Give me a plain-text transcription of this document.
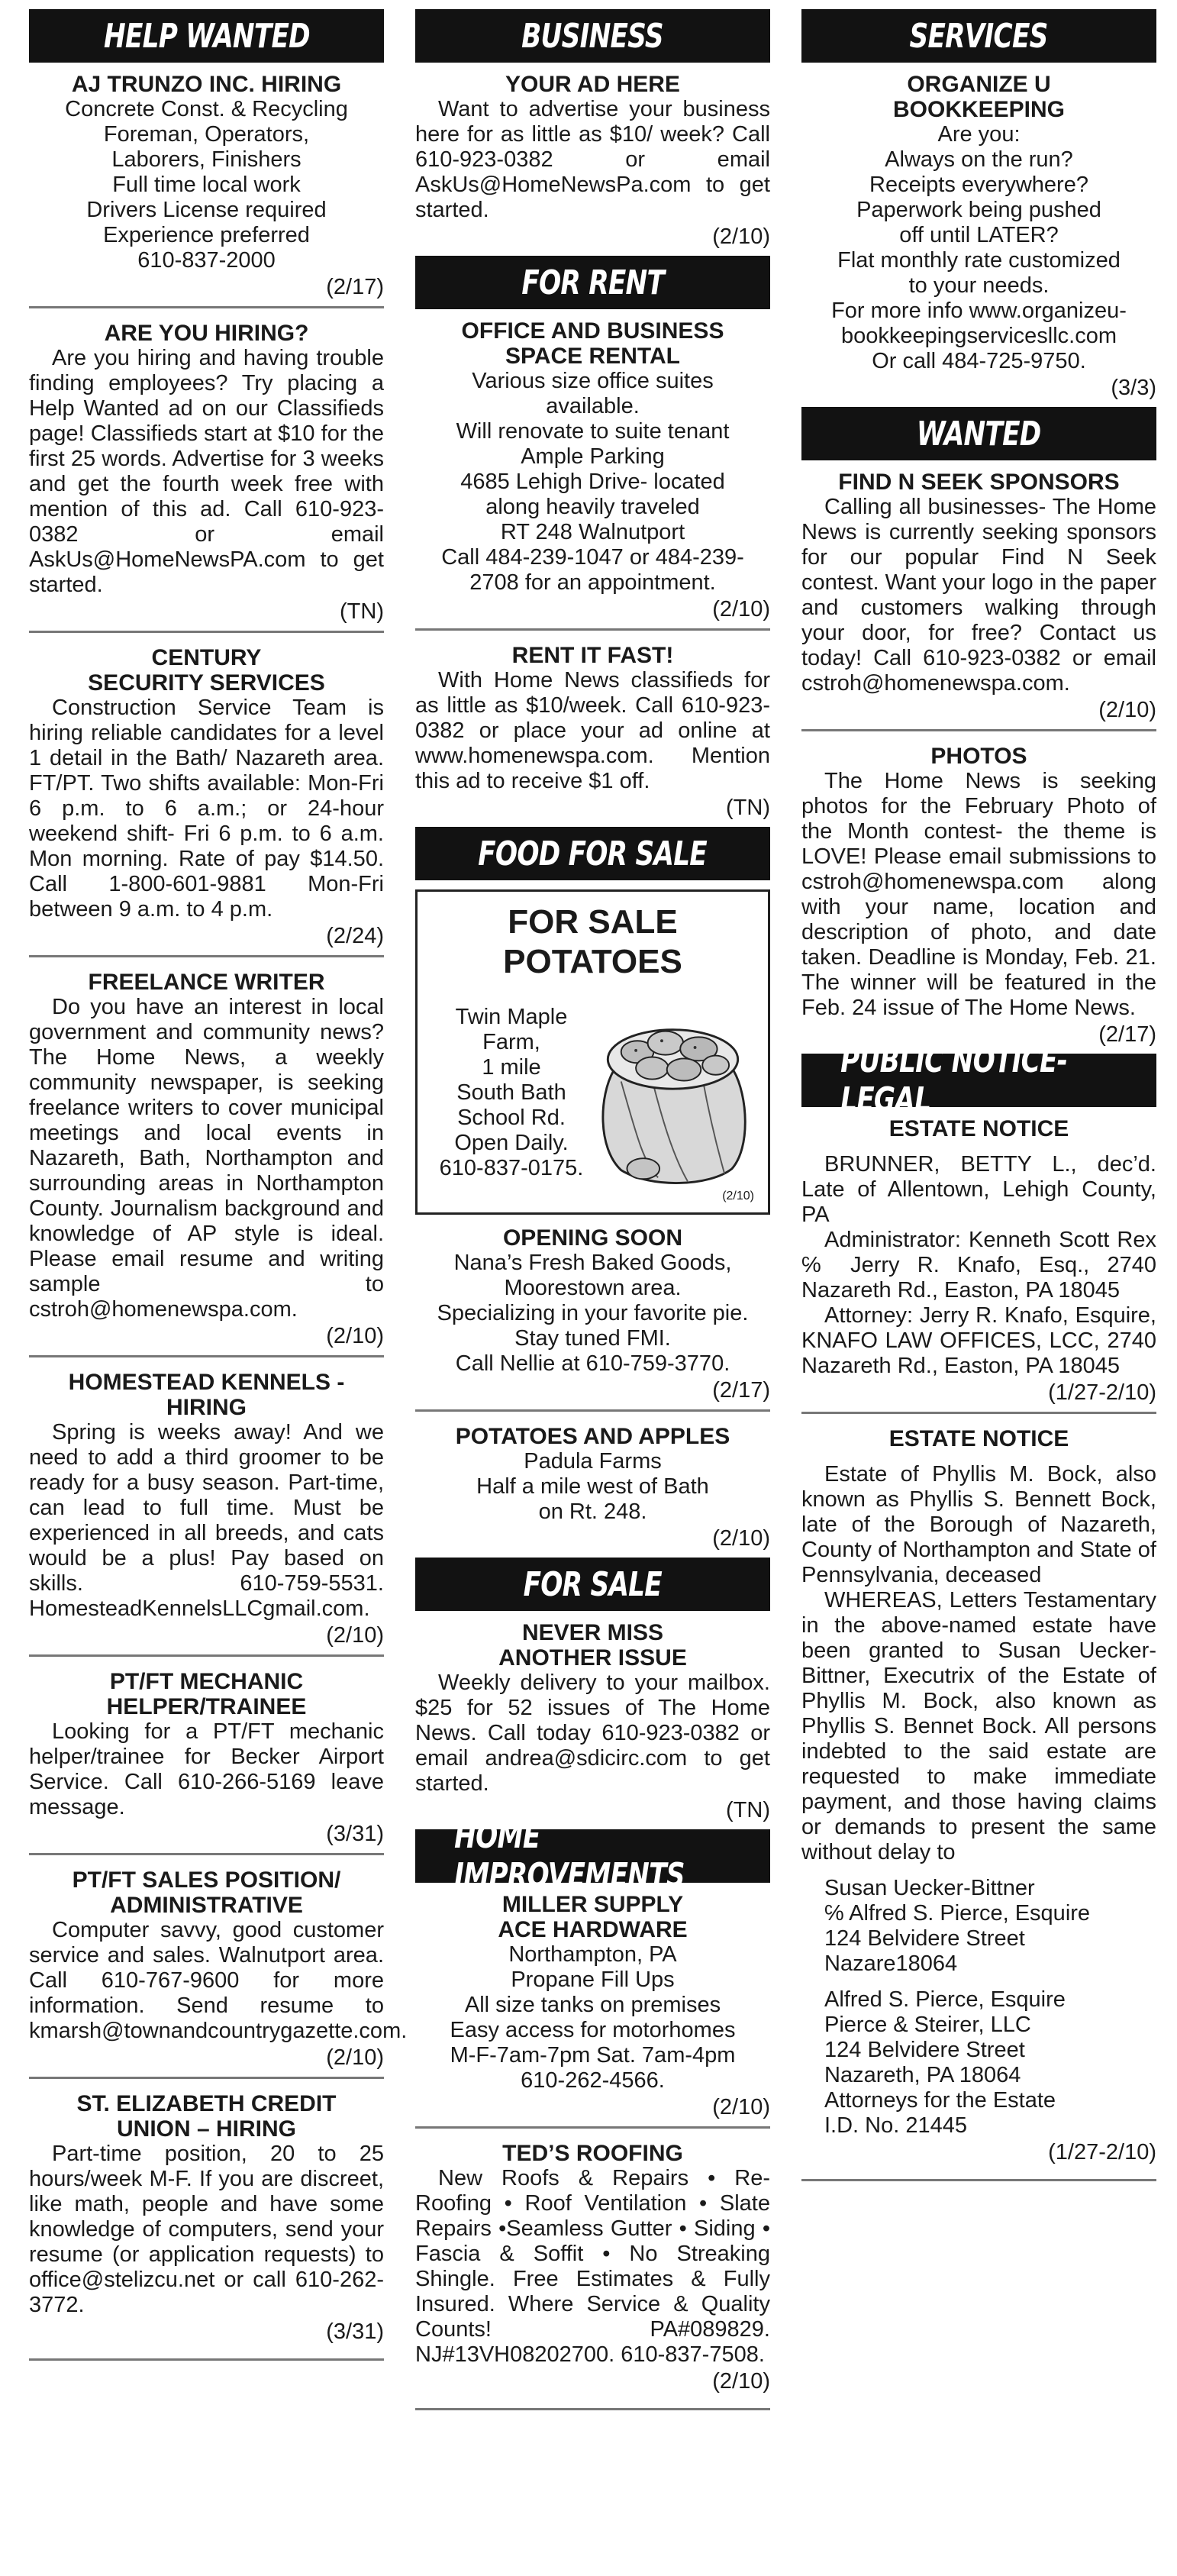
HELP WANTED
AJ TRUNZO INC. HIRING
Concrete Const. & Recycling
Foreman, Operators,
Laborers, Finishers
Full time local work
Drivers License required
Experience preferred
610-837-2000
(2/17)
ARE YOU HIRING?
Are you hiring and having trouble finding employees? Try placing a Help Wanted ad on our Classifieds page! Classifieds start at $10 for the first 25 words. Advertise for 3 weeks and get the fourth week free with mention of this ad. Call 610-923-0382 or email AskUs@HomeNewsPA.com to get started.
(TN)
CENTURY
SECURITY SERVICES
Construction Service Team is hiring reliable candidates for a level 1 detail in the Bath/ Nazareth area. FT/PT. Two shifts available: Mon-Fri 6 p.m. to 6 a.m.; or 24-hour weekend shift- Fri 6 p.m. to 6 a.m. Mon morning. Rate of pay $14.50. Call 1-800-601-9881 Mon-Fri between 9 a.m. to 4 p.m.
(2/24)
FREELANCE WRITER
Do you have an interest in local government and community news? The Home News, a weekly community newspaper, is seeking freelance writers to cover municipal meetings and local events in Nazareth, Bath, Northampton and surrounding areas in Northampton County. Journalism background and knowledge of AP style is ideal. Please email resume and writing sample to cstroh@homenewspa.com.
(2/10)
HOMESTEAD KENNELS -
HIRING
Spring is weeks away! And we need to add a third groomer to be ready for a busy season. Part-time, can lead to full time. Must be experienced in all breeds, and cats would be a plus! Pay based on skills. 610-759-5531. HomesteadKennelsLLCgmail.com.
(2/10)
PT/FT MECHANIC
HELPER/TRAINEE
Looking for a PT/FT mechanic helper/trainee for Becker Airport Service. Call 610-266-5169 leave message.
(3/31)
PT/FT SALES POSITION/
ADMINISTRATIVE
Computer savvy, good customer service and sales. Walnutport area. Call 610-767-9600 for more information. Send resume to kmarsh@townandcountrygazette.com.
(2/10)
ST. ELIZABETH CREDIT
UNION – HIRING
Part-time position, 20 to 25 hours/week M-F. If you are discreet, like math, people and have some knowledge of computers, send your resume (or application requests) to office@stelizcu.net or call 610-262-3772.
(3/31)
BUSINESS
YOUR AD HERE
Want to advertise your business here for as little as $10/ week? Call 610-923-0382 or email AskUs@HomeNewsPa.com to get started.
(2/10)
FOR RENT
OFFICE AND BUSINESS
SPACE RENTAL
Various size office suites
available.
Will renovate to suite tenant
Ample Parking
4685 Lehigh Drive- located
along heavily traveled
RT 248 Walnutport
Call 484-239-1047 or 484-239-
2708 for an appointment.
(2/10)
RENT IT FAST!
With Home News classifieds for as little as $10/week. Call 610-923-0382 or place your ad online at www.homenewspa.com. Mention this ad to receive $1 off.
(TN)
FOOD FOR SALE
FOR SALE
POTATOES
Twin Maple
Farm,
1 mile
South Bath
School Rd.
Open Daily.
610-837-0175.
(2/10)
OPENING SOON
Nana’s Fresh Baked Goods,
Moorestown area.
Specializing in your favorite pie.
Stay tuned FMI.
Call Nellie at 610-759-3770.
(2/17)
POTATOES AND APPLES
Padula Farms
Half a mile west of Bath
on Rt. 248.
(2/10)
FOR SALE
NEVER MISS
ANOTHER ISSUE
Weekly delivery to your mailbox. $25 for 52 issues of The Home News. Call today 610-923-0382 or email andrea@sdicirc.com to get started.
(TN)
HOME IMPROVEMENTS
MILLER SUPPLY
ACE HARDWARE
Northampton, PA
Propane Fill Ups
All size tanks on premises
Easy access for motorhomes
M-F-7am-7pm Sat. 7am-4pm
610-262-4566.
(2/10)
TED’S ROOFING
New Roofs & Repairs • Re-Roofing • Roof Ventilation • Slate Repairs •Seamless Gutter • Siding • Fascia & Soffit • No Streaking Shingle. Free Estimates & Fully Insured. Where Service & Quality Counts! PA#089829. NJ#13VH08202700. 610-837-7508.
(2/10)
SERVICES
ORGANIZE U
BOOKKEEPING
Are you:
Always on the run?
Receipts everywhere?
Paperwork being pushed
off until LATER?
Flat monthly rate customized
to your needs.
For more info www.organizeu-
bookkeepingservicesllc.com
Or call 484-725-9750.
(3/3)
WANTED
FIND N SEEK SPONSORS
Calling all businesses- The Home News is currently seeking sponsors for our popular Find N Seek contest. Want your logo in the paper and customers walking through your door, for free? Contact us today! Call 610-923-0382 or email cstroh@homenewspa.com.
(2/10)
PHOTOS
The Home News is seeking photos for the February Photo of the Month contest- the theme is LOVE! Please email submissions to cstroh@homenewspa.com along with your name, location and description of photo, and date taken. Deadline is Monday, Feb. 21. The winner will be featured in the Feb. 24 issue of The Home News.
(2/17)
PUBLIC NOTICE-LEGAL
ESTATE NOTICE
BRUNNER, BETTY L., dec’d. Late of Allentown, Lehigh County, PA
Administrator: Kenneth Scott Rex ℅ Jerry R. Knafo, Esq., 2740 Nazareth Rd., Easton, PA 18045
Attorney: Jerry R. Knafo, Esquire, KNAFO LAW OFFICES, LCC, 2740 Nazareth Rd., Easton, PA 18045
(1/27-2/10)
ESTATE NOTICE
Estate of Phyllis M. Bock, also known as Phyllis S. Bennett Bock, late of the Borough of Nazareth, County of Northampton and State of Pennsylvania, deceased
WHEREAS, Letters Testamentary in the above-named estate have been granted to Susan Uecker-Bittner, Executrix of the Estate of Phyllis M. Bock, also known as Phyllis S. Bennet Bock. All persons indebted to the said estate are requested to make immediate payment, and those having claims or demands to present the same without delay to
Susan Uecker-Bittner
℅ Alfred S. Pierce, Esquire
124 Belvidere Street
Nazare18064
Alfred S. Pierce, Esquire
Pierce & Steirer, LLC
124 Belvidere Street
Nazareth, PA 18064
Attorneys for the Estate
I.D. No. 21445
(1/27-2/10)
